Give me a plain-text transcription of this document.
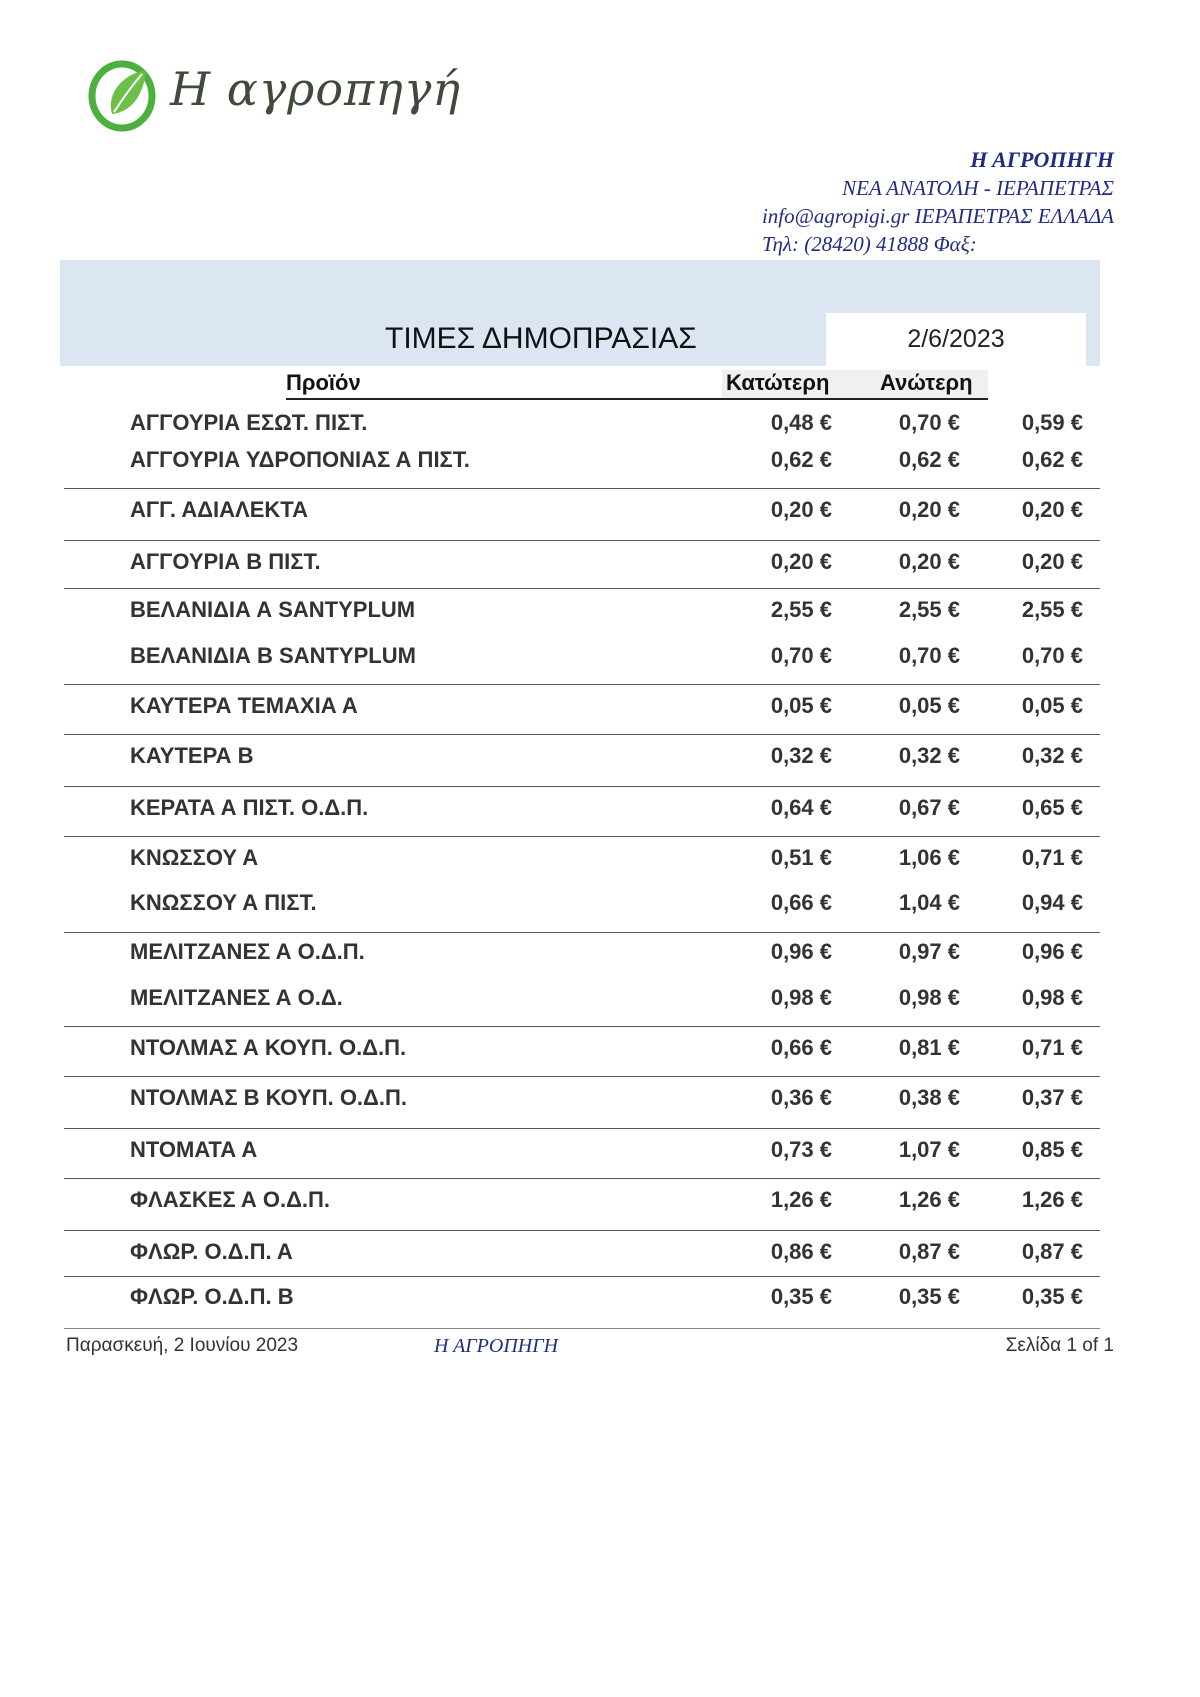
Η αγροπηγή
Η ΑΓΡΟΠΗΓΗ
ΝΕΑ ΑΝΑΤΟΛΗ - ΙΕΡΑΠΕΤΡΑΣ
info@agropigi.gr ΙΕΡΑΠΕΤΡΑΣ ΕΛΛΑΔΑ
Τηλ: (28420) 41888 Φαξ:
2/6/2023
ΤΙΜΕΣ ΔΗΜΟΠΡΑΣΙΑΣ
Προϊόν	Κατώτερη Ανώτερη
ΑΓΓΟΥΡΙΑ ΕΣΩΤ. ΠΙΣΤ.	0,48 €	0,70 €	0,59 €
ΑΓΓΟΥΡΙΑ ΥΔΡΟΠΟΝΙΑΣ Α ΠΙΣΤ.	0,62 €	0,62 €	0,62 €
ΑΓΓ. ΑΔΙΑΛΕΚΤΑ	0,20 €	0,20 €	0,20 €
ΑΓΓΟΥΡΙΑ Β ΠΙΣΤ.	0,20 €	0,20 €	0,20 €
ΒΕΛΑΝΙΔΙΑ Α SANTYPLUM	2,55 €	2,55 €	2,55 €
ΒΕΛΑΝΙΔΙΑ Β SANTYPLUM	0,70 €	0,70 €	0,70 €
ΚΑΥΤΕΡΑ ΤΕΜΑΧΙΑ Α	0,05 €	0,05 €	0,05 €
ΚΑΥΤΕΡΑ Β	0,32 €	0,32 €	0,32 €
ΚΕΡΑΤΑ Α ΠΙΣΤ. Ο.Δ.Π.	0,64 €	0,67 €	0,65 €
ΚΝΩΣΣΟΥ Α	0,51 €	1,06 €	0,71 €
ΚΝΩΣΣΟΥ Α ΠΙΣΤ.	0,66 €	1,04 €	0,94 €
ΜΕΛΙΤΖΑΝΕΣ Α Ο.Δ.Π.	0,96 €	0,97 €	0,96 €
ΜΕΛΙΤΖΑΝΕΣ Α Ο.Δ.	0,98 €	0,98 €	0,98 €
ΝΤΟΛΜΑΣ Α ΚΟΥΠ. Ο.Δ.Π.	0,66 €	0,81 €	0,71 €
ΝΤΟΛΜΑΣ Β ΚΟΥΠ. Ο.Δ.Π.	0,36 €	0,38 €	0,37 €
ΝΤΟΜΑΤΑ Α	0,73 €	1,07 €	0,85 €
ΦΛΑΣΚΕΣ Α Ο.Δ.Π.	1,26 €	1,26 €	1,26 €
ΦΛΩΡ. Ο.Δ.Π. Α	0,86 €	0,87 €	0,87 €
ΦΛΩΡ. Ο.Δ.Π. Β	0,35 €	0,35 €	0,35 €
Παρασκευή, 2 Ιουνίου 2023	Η ΑΓΡΟΠΗΓΗ	Σελίδα 1 of 1
